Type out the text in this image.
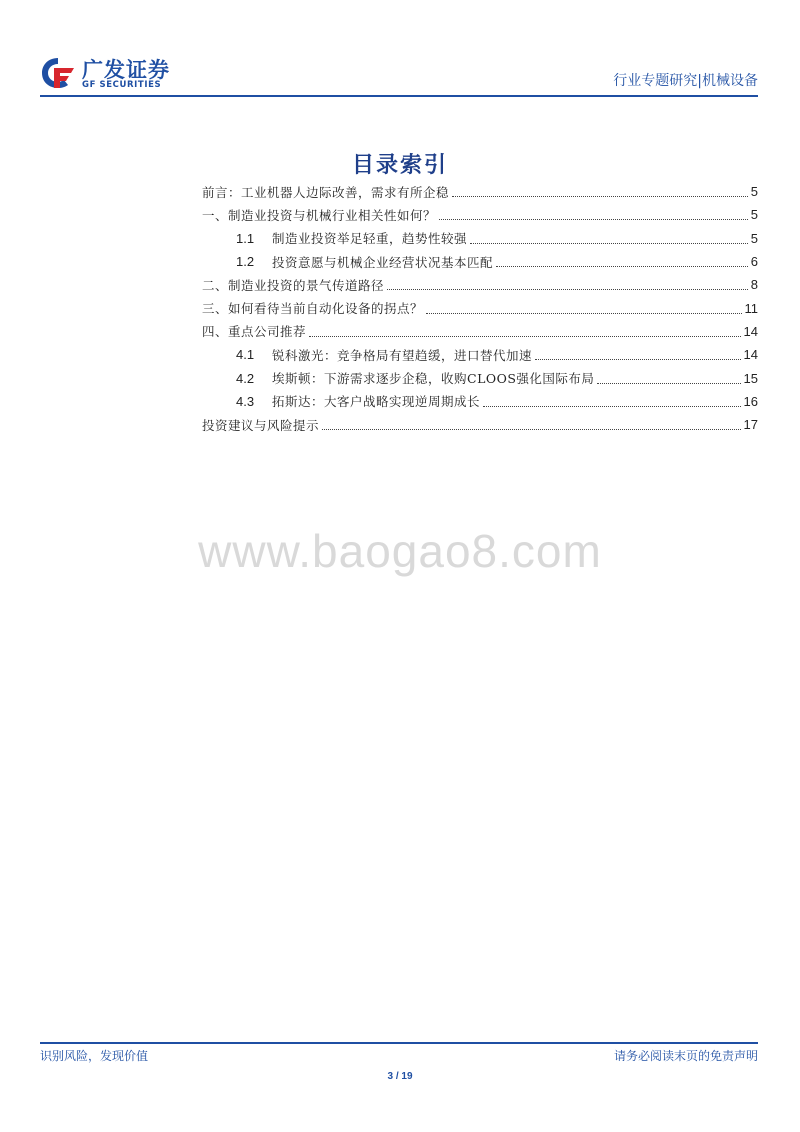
广发证券
GF SECURITIES	行业专题研究|机械设备
目录索引
前言：工业机器人边际改善，需求有所企稳	5
一、制造业投资与机械行业相关性如何？	5
1.1	制造业投资举足轻重，趋势性较强	5
1.2	投资意愿与机械企业经营状况基本匹配	6
二、制造业投资的景气传道路径	8
三、如何看待当前自动化设备的拐点？	11
四、重点公司推荐	14
4.1	锐科激光：竞争格局有望趋缓，进口替代加速	14
4.2	埃斯顿：下游需求逐步企稳，收购CLOOS强化国际布局	15
4.3	拓斯达：大客户战略实现逆周期成长	16
投资建议与风险提示	17
www.baogao8.com
识别风险，发现价值	请务必阅读末页的免责声明
3 / 19
